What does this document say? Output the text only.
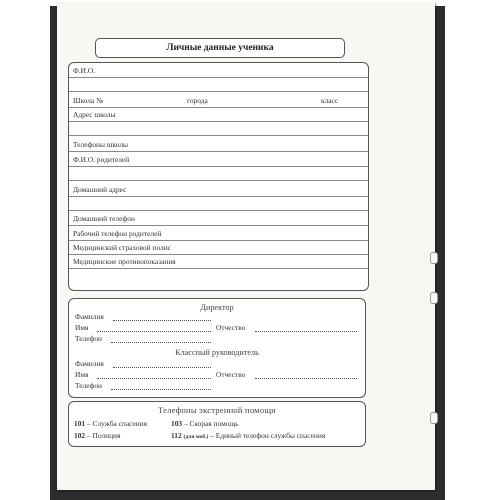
Личные данные ученика
Ф.И.О.
Школа №	города	класс
Адрес школы
Телефоны школы
Ф.И.О. родителей
Домашний адрес
Домашний телефон
Рабочий телефон родителей
Медицинский страховой полис
Медицинские противопоказания
Директор
Фамилия
Имя	Отчество
Телефон
Классный руководитель
Фамилия
Имя	Отчество
Телефон
Телефоны экстренной помощи
101 – Служба спасения	103 – Скорая помощь
102 – Полиция	112 (для моб.) – Единый телефон службы спасения
